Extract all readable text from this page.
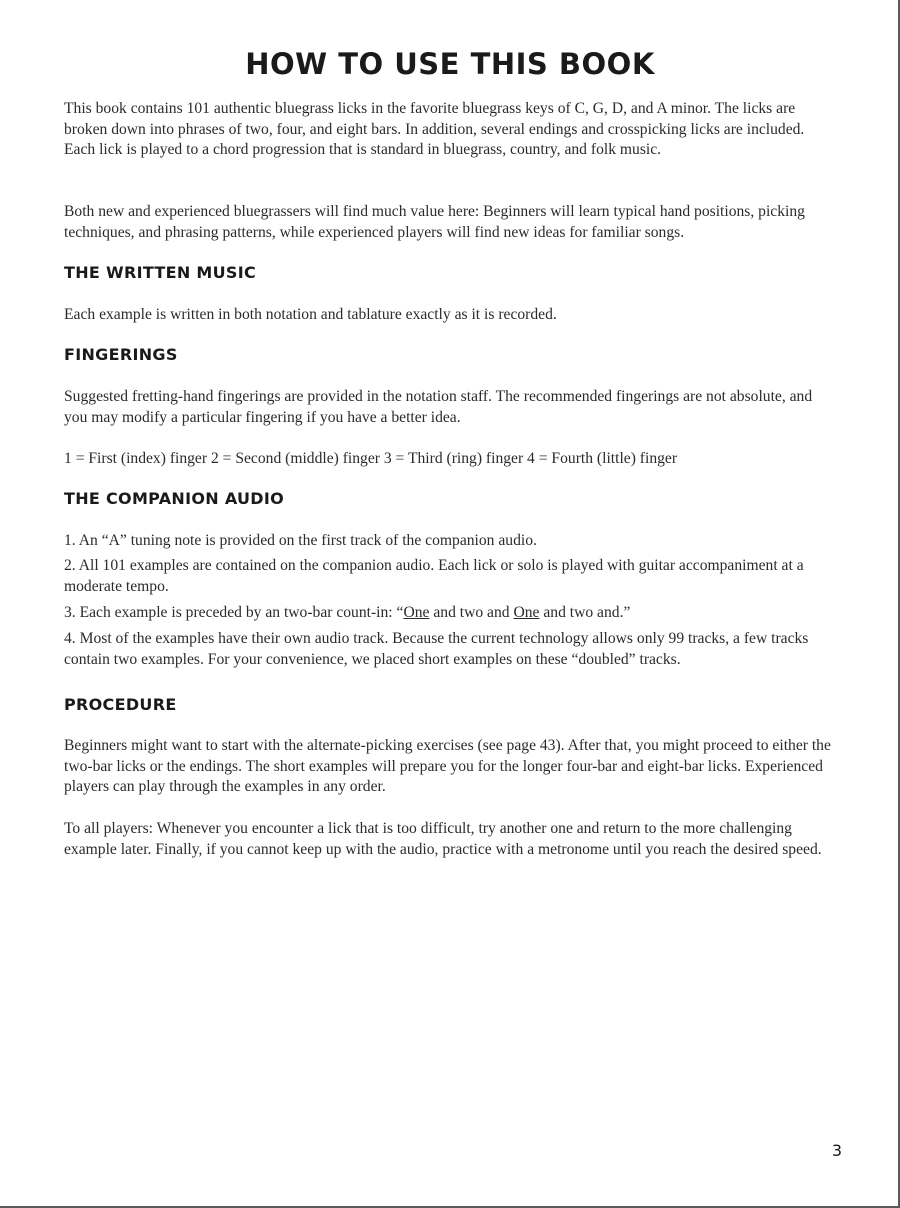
HOW TO USE THIS BOOK

This book contains 101 authentic bluegrass licks in the favorite bluegrass keys of C, G, D, and A minor. The licks are broken down into phrases of two, four, and eight bars. In addition, several endings and crosspicking licks are included. Each lick is played to a chord progression that is standard in bluegrass, country, and folk music.

Both new and experienced bluegrassers will find much value here: Beginners will learn typical hand positions, picking techniques, and phrasing patterns, while experienced players will find new ideas for familiar songs.

THE WRITTEN MUSIC

Each example is written in both notation and tablature exactly as it is recorded.

FINGERINGS

Suggested fretting-hand fingerings are provided in the notation staff. The recommended fingerings are not absolute, and you may modify a particular fingering if you have a better idea.

1 = First (index) finger 2 = Second (middle) finger 3 = Third (ring) finger 4 = Fourth (little) finger

THE COMPANION AUDIO

1. An “A” tuning note is provided on the first track of the companion audio.

2. All 101 examples are contained on the companion audio. Each lick or solo is played with guitar accompaniment at a moderate tempo.

3. Each example is preceded by an two-bar count-in: “One and two and One and two and.”

4. Most of the examples have their own audio track. Because the current technology allows only 99 tracks, a few tracks contain two examples. For your convenience, we placed short examples on these “doubled” tracks.

PROCEDURE

Beginners might want to start with the alternate-picking exercises (see page 43). After that, you might proceed to either the two-bar licks or the endings. The short examples will prepare you for the longer four-bar and eight-bar licks. Experienced players can play through the examples in any order.

To all players: Whenever you encounter a lick that is too difficult, try another one and return to the more challenging example later. Finally, if you cannot keep up with the audio, practice with a metronome until you reach the desired speed.

3
